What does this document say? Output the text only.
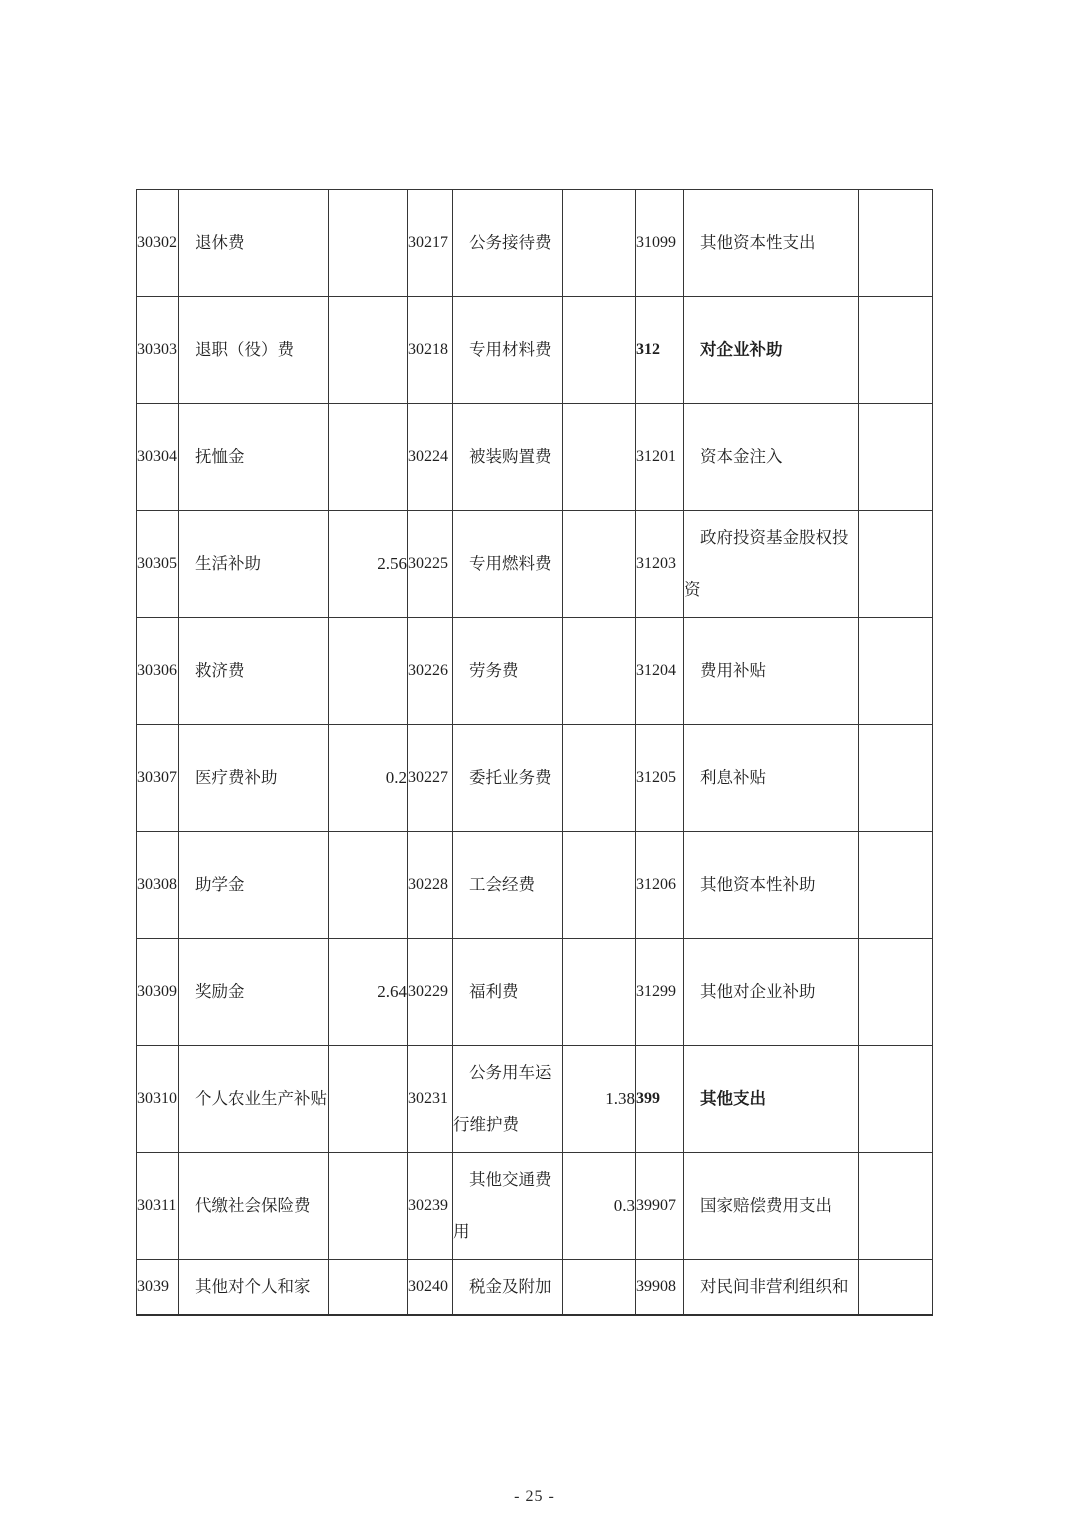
30302	退休费		30217	公务接待费		31099	其他资本性支出	
30303	退职（役）费		30218	专用材料费		312	对企业补助	
30304	抚恤金		30224	被装购置费		31201	资本金注入	
30305	生活补助	2.56	30225	专用燃料费		31203	政府投资基金股权投资	
30306	救济费		30226	劳务费		31204	费用补贴	
30307	医疗费补助	0.2	30227	委托业务费		31205	利息补贴	
30308	助学金		30228	工会经费		31206	其他资本性补助	
30309	奖励金	2.64	30229	福利费		31299	其他对企业补助	
30310	个人农业生产补贴		30231	公务用车运行维护费	1.38	399	其他支出	
30311	代缴社会保险费		30239	其他交通费用	0.3	39907	国家赔偿费用支出	
3039	其他对个人和家		30240	税金及附加		39908	对民间非营利组织和	
- 25 -
